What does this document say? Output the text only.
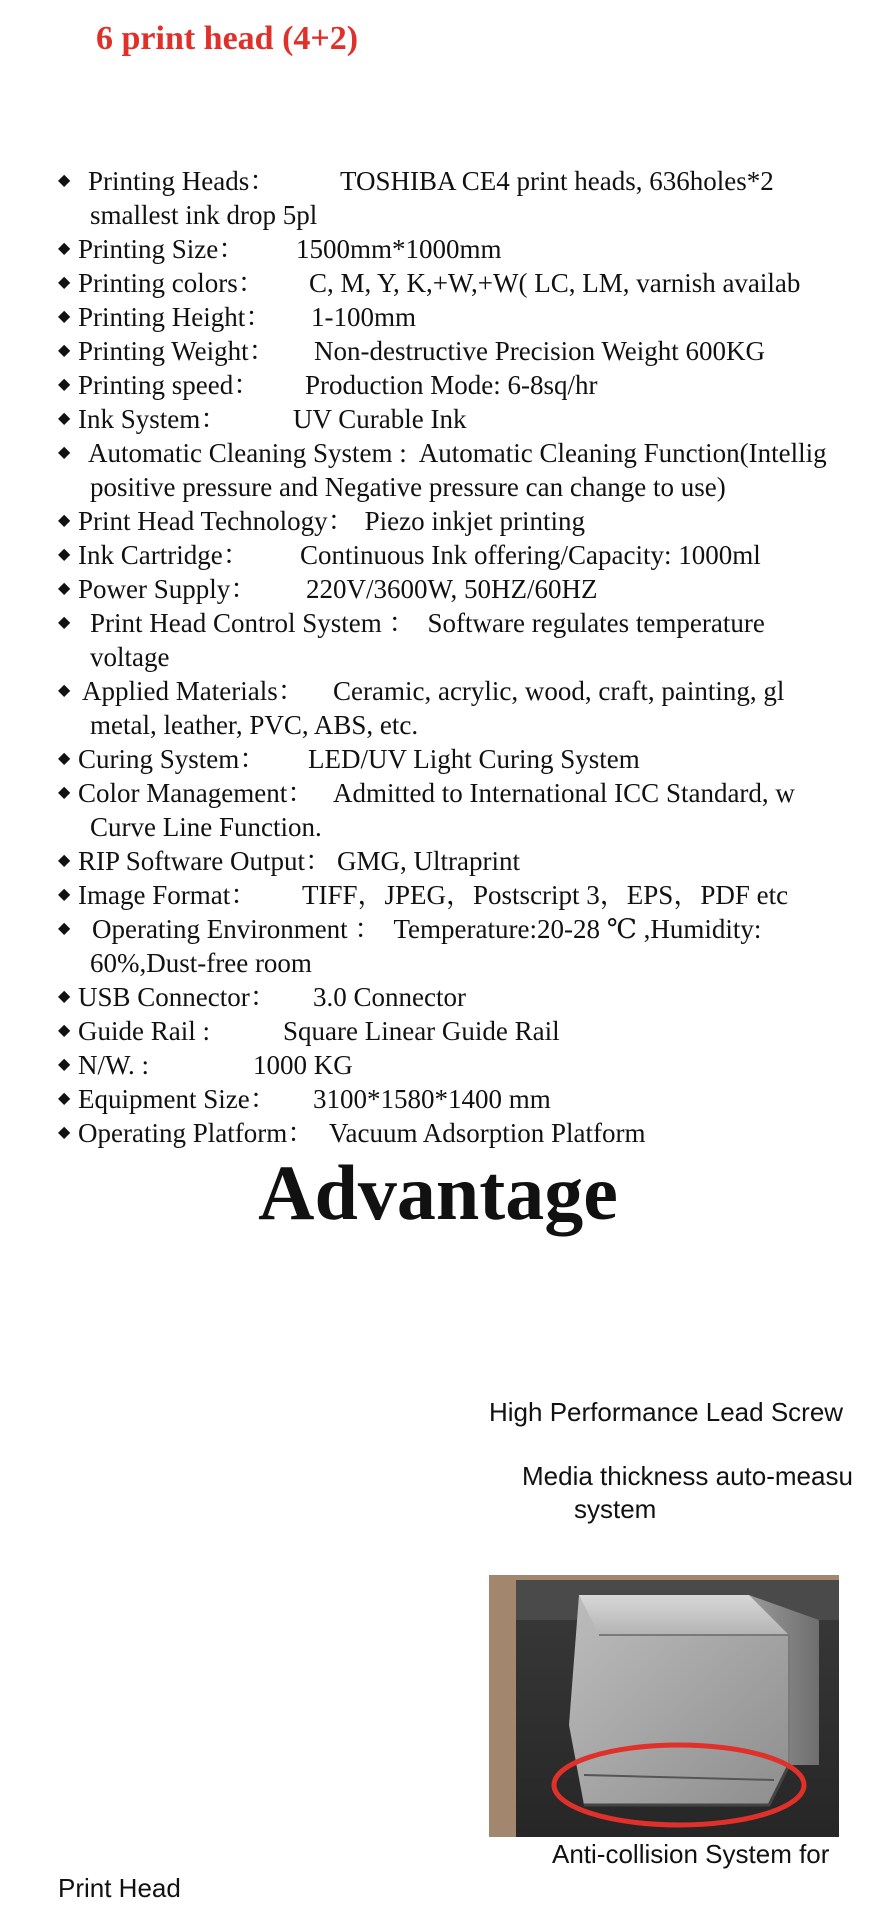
6 print head (4+2)
◆ Printing Heads： TOSHIBA CE4 print heads, 636holes*2
smallest ink drop 5pl
◆ Printing Size： 1500mm*1000mm
◆ Printing colors： C, M, Y, K,+W,+W( LC, LM, varnish availab
◆ Printing Height： 1-100mm
◆ Printing Weight： Non-destructive Precision Weight 600KG
◆ Printing speed： Production Mode: 6-8sq/hr
◆ Ink System： UV Curable Ink
◆ Automatic Cleaning System : Automatic Cleaning Function(Intellig
positive pressure and Negative pressure can change to use)
◆ Print Head Technology： Piezo inkjet printing
◆ Ink Cartridge： Continuous Ink offering/Capacity: 1000ml
◆ Power Supply： 220V/3600W, 50HZ/60HZ
◆ Print Head Control System ： Software regulates temperature
voltage
◆ Applied Materials： Ceramic, acrylic, wood, craft, painting, gl
metal, leather, PVC, ABS, etc.
◆ Curing System： LED/UV Light Curing System
◆ Color Management： Admitted to International ICC Standard, w
Curve Line Function.
◆ RIP Software Output： GMG, Ultraprint
◆ Image Format： TIFF，JPEG，Postscript 3，EPS，PDF etc
◆ Operating Environment ： Temperature:20-28 ℃ ,Humidity:
60%,Dust-free room
◆ USB Connector： 3.0 Connector
◆ Guide Rail :	Square Linear Guide Rail
◆ N/W. :	1000 KG
◆ Equipment Size： 3100*1580*1400 mm
◆ Operating Platform： Vacuum Adsorption Platform
Advantage
High Performance Lead Screw
Media thickness auto-measu
system
Anti-collision System for
Print Head
